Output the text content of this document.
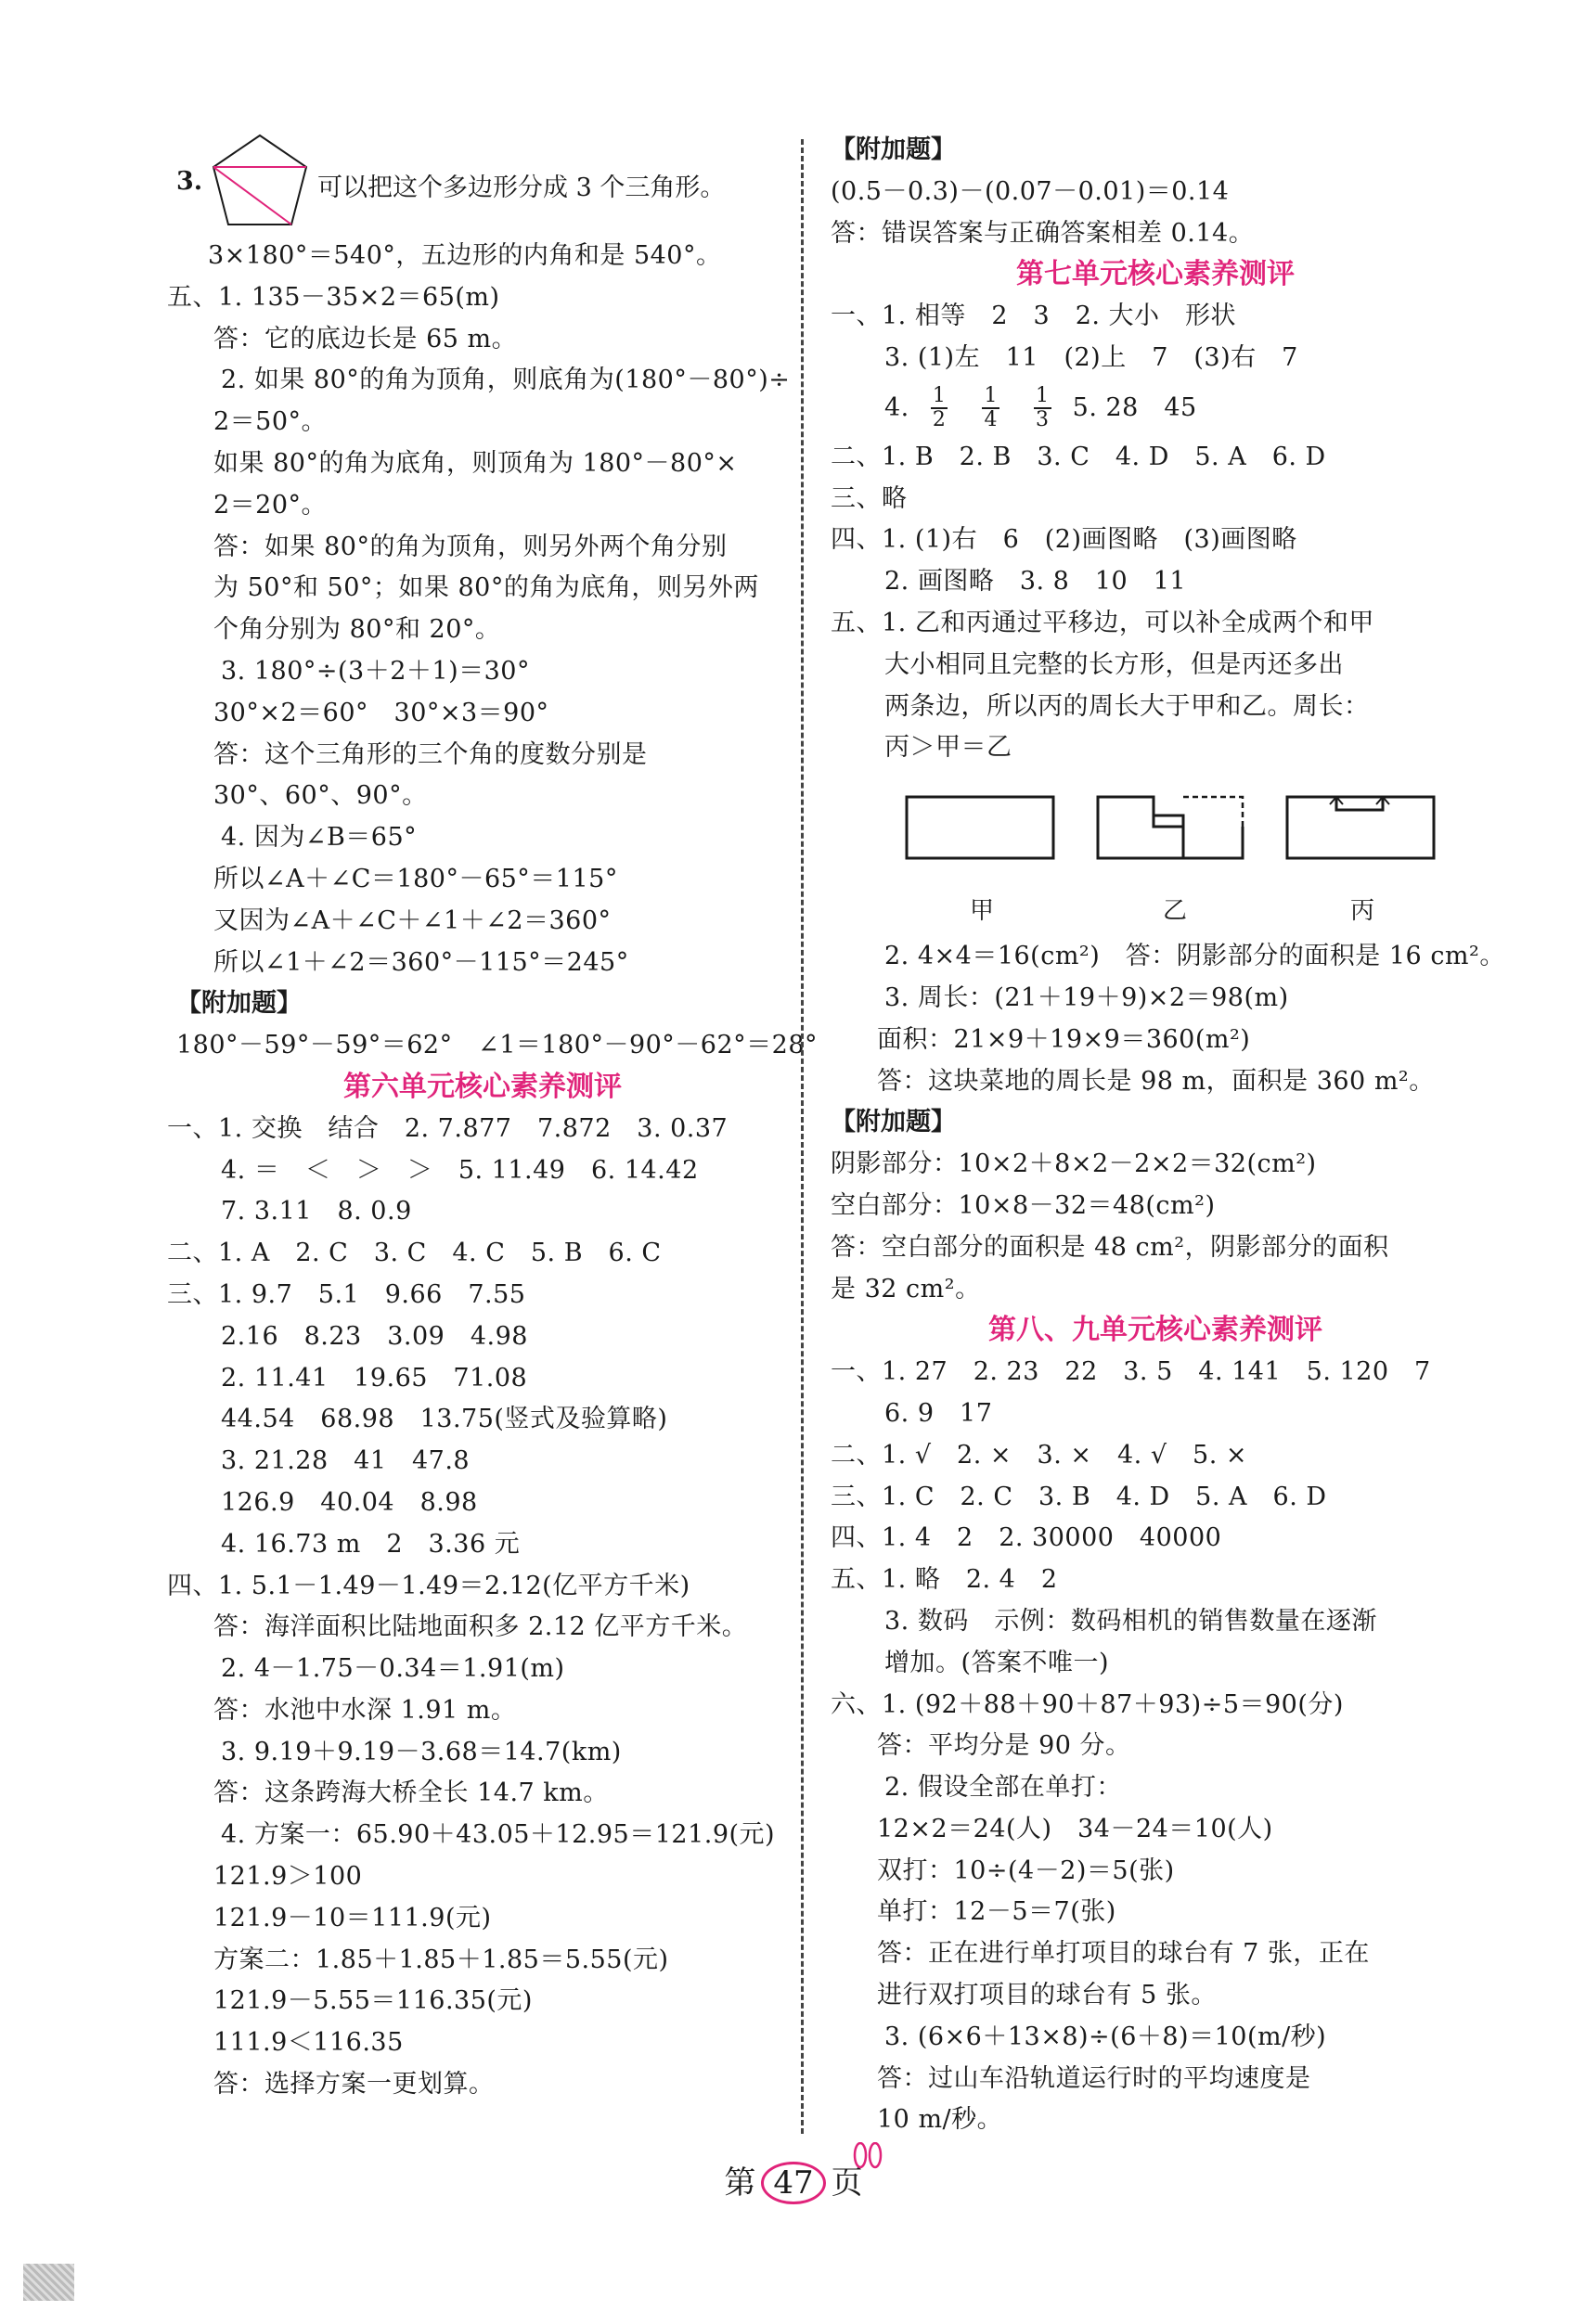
3.	可以把这个多边形分成 3 个三角形。
3×180°＝540°，五边形的内角和是 540°。
五、1. 135－35×2＝65(m)
答：它的底边长是 65 m。
2. 如果 80°的角为顶角，则底角为(180°－80°)÷
2＝50°。
如果 80°的角为底角，则顶角为 180°－80°×
2＝20°。
答：如果 80°的角为顶角，则另外两个角分别
为 50°和 50°；如果 80°的角为底角，则另外两
个角分别为 80°和 20°。
3. 180°÷(3＋2＋1)＝30°
30°×2＝60°　30°×3＝90°
答：这个三角形的三个角的度数分别是
30°、60°、90°。
4. 因为∠B＝65°
所以∠A＋∠C＝180°－65°＝115°
又因为∠A＋∠C＋∠1＋∠2＝360°
所以∠1＋∠2＝360°－115°＝245°
【附加题】
180°－59°－59°＝62°　∠1＝180°－90°－62°＝28°
第六单元核心素养测评
一、1. 交换　结合　2. 7.877　7.872　3. 0.37
4. ＝　＜　＞　＞　5. 11.49　6. 14.42
7. 3.11　8. 0.9
二、1. A　2. C　3. C　4. C　5. B　6. C
三、1. 9.7　5.1　9.66　7.55
2.16　8.23　3.09　4.98
2. 11.41　19.65　71.08
44.54　68.98　13.75(竖式及验算略)
3. 21.28　41　47.8
126.9　40.04　8.98
4. 16.73 m　2　3.36 元
四、1. 5.1－1.49－1.49＝2.12(亿平方千米)
答：海洋面积比陆地面积多 2.12 亿平方千米。
2. 4－1.75－0.34＝1.91(m)
答：水池中水深 1.91 m。
3. 9.19＋9.19－3.68＝14.7(km)
答：这条跨海大桥全长 14.7 km。
4. 方案一：65.90＋43.05＋12.95＝121.9(元)
121.9＞100
121.9－10＝111.9(元)
方案二：1.85＋1.85＋1.85＝5.55(元)
121.9－5.55＝116.35(元)
111.9＜116.35
答：选择方案一更划算。
【附加题】
(0.5－0.3)－(0.07－0.01)＝0.14
答：错误答案与正确答案相差 0.14。
第七单元核心素养测评
一、1. 相等　2　3　2. 大小　形状
3. (1)左　11　(2)上　7　(3)右　7
4. $\frac{1}{2}$
$\frac{1}{4}$
$\frac{1}{3} 5$. 28　45
二、1. B　2. B　3. C　4. D　5. A　6. D
三、略
四、1. (1)右　6　(2)画图略　(3)画图略
2. 画图略　3. 8　10　11
五、1. 乙和丙通过平移边，可以补全成两个和甲
大小相同且完整的长方形，但是丙还多出
两条边，所以丙的周长大于甲和乙。周长：
丙＞甲＝乙
甲	乙	丙
2. 4×4＝16(cm²)　答：阴影部分的面积是 16 cm²。
3. 周长：(21＋19＋9)×2＝98(m)
面积：21×9＋19×9＝360(m²)
答：这块菜地的周长是 98 m，面积是 360 m²。
【附加题】
阴影部分：10×2＋8×2－2×2＝32(cm²)
空白部分：10×8－32＝48(cm²)
答：空白部分的面积是 48 cm²，阴影部分的面积
是 32 cm²。
第八、九单元核心素养测评
一、1. 27　2. 23　22　3. 5　4. 141　5. 120　7
6. 9　17
二、1. √　2. ×　3. ×　4. √　5. ×
三、1. C　2. C　3. B　4. D　5. A　6. D
四、1. 4　2　2. 30000　40000
五、1. 略　2. 4　2
3. 数码　示例：数码相机的销售数量在逐渐
增加。(答案不唯一)
六、1. (92＋88＋90＋87＋93)÷5＝90(分)
答：平均分是 90 分。
2. 假设全部在单打：
12×2＝24(人)　34－24＝10(人)
双打：10÷(4－2)＝5(张)
单打：12－5＝7(张)
答：正在进行单打项目的球台有 7 张，正在
进行双打项目的球台有 5 张。
3. (6×6＋13×8)÷(6＋8)＝10(m/秒)
答：过山车沿轨道运行时的平均速度是
10 m/秒。
第 47 页
